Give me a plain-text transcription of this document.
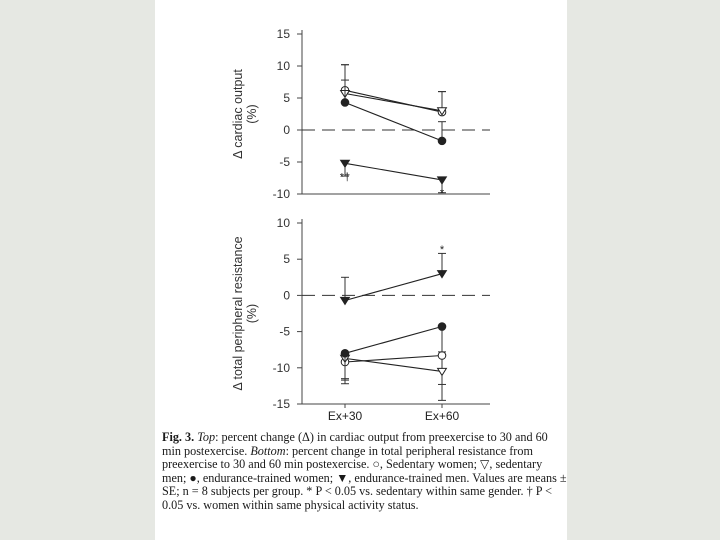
15
10
5
0
-5
-10
Δ cardiac output(%)
*†
*
10
5
0
-5
-10
-15
Δ total peripheral resistance(%)
Ex+30	Ex+60
*

Fig. 3. Top: percent change (Δ) in cardiac output from preexercise to 30 and 60 min postexercise. Bottom: percent change in total peripheral resistance from preexercise to 30 and 60 min postexercise. ○, Sedentary women; ▽, sedentary men; ●, endurance-trained women; ▼, endurance-trained men. Values are means ± SE; n = 8 subjects per group. * P < 0.05 vs. sedentary within same gender. † P < 0.05 vs. women within same physical activity status.
